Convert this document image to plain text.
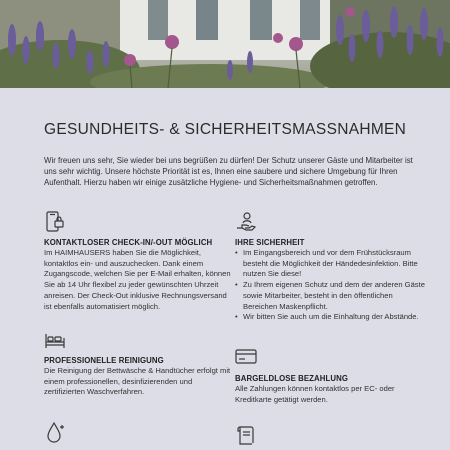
GESUNDHEITS- & SICHERHEITSMASSNAHMEN

Wir freuen uns sehr, Sie wieder bei uns begrüßen zu dürfen! Der Schutz unserer Gäste und Mitarbeiter ist uns sehr wichtig. Unsere höchste Priorität ist es, Ihnen eine saubere und sichere Umgebung für Ihren Aufenthalt. Hierzu haben wir einige zusätzliche Hygiene- und Sicherheitsmaßnahmen getroffen.

KONTAKTLOSER CHECK-IN/-OUT MÖGLICH

Im HAIMHAUSERS haben Sie die Möglichkeit, kontaktlos ein- und auszuchecken. Dank einem Zugangscode, welchen Sie per E-Mail erhalten, können Sie ab 14 Uhr flexibel zu jeder gewünschten Uhrzeit anreisen. Der Check-Out inklusive Rechnungsversand ist ebenfalls automatisiert möglich.

IHRE SICHERHEIT

• Im Eingangsbereich und vor dem Frühstücksraum besteht die Möglichkeit der Händedesinfektion. Bitte nutzen Sie diese!
• Zu Ihrem eigenen Schutz und dem der anderen Gäste sowie Mitarbeiter, besteht in den öffentlichen Bereichen Maskenpflicht.
• Wir bitten Sie auch um die Einhaltung der Abstände.

PROFESSIONELLE REINIGUNG

Die Reinigung der Bettwäsche & Handtücher erfolgt mit einem professionellen, desinfizierenden und zertifizierten Waschverfahren.

BARGELDLOSE BEZAHLUNG

Alle Zahlungen können kontaktlos per EC- oder Kreditkarte getätigt werden.
